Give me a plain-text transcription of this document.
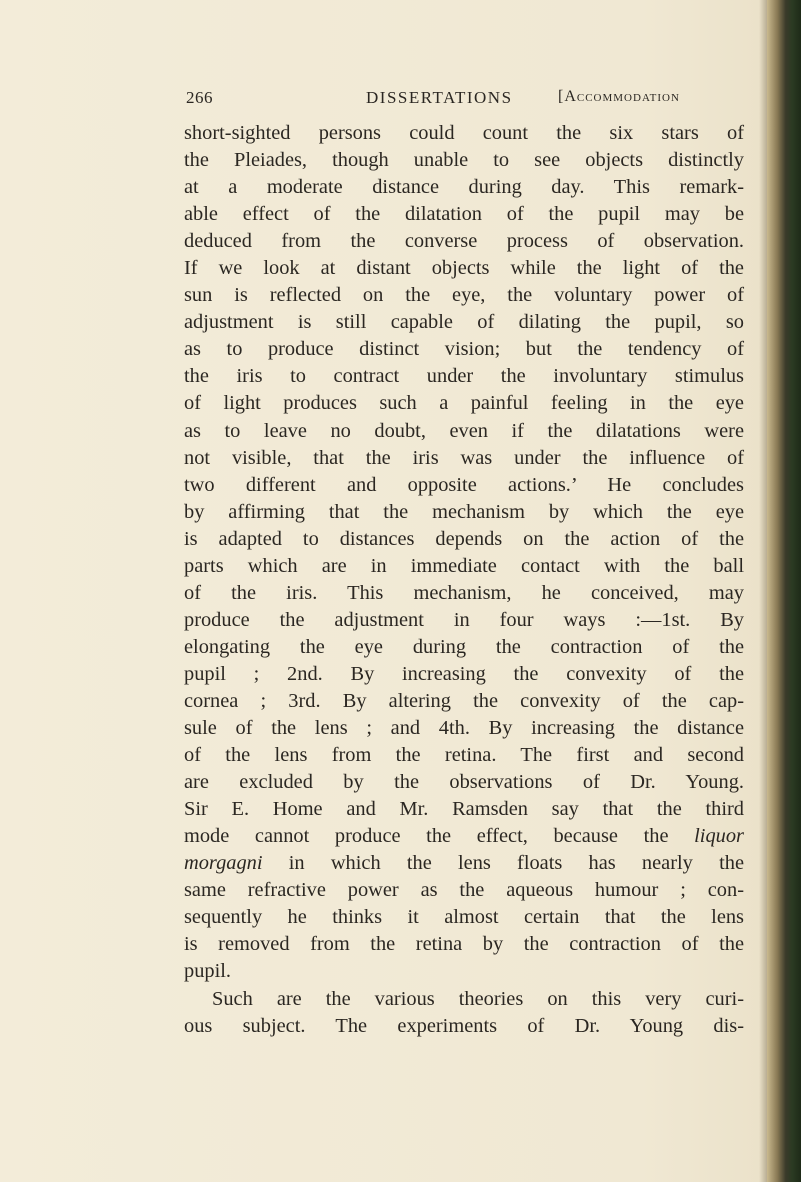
266	DISSERTATIONS	[Accommodation

short-sighted persons could count the six stars of
the Pleiades, though unable to see objects distinctly
at a moderate distance during day. This remark-
able effect of the dilatation of the pupil may be
deduced from the converse process of observation.
If we look at distant objects while the light of the
sun is reflected on the eye, the voluntary power of
adjustment is still capable of dilating the pupil, so
as to produce distinct vision; but the tendency of
the iris to contract under the involuntary stimulus
of light produces such a painful feeling in the eye
as to leave no doubt, even if the dilatations were
not visible, that the iris was under the influence of
two different and opposite actions.’ He concludes
by affirming that the mechanism by which the eye
is adapted to distances depends on the action of the
parts which are in immediate contact with the ball
of the iris. This mechanism, he conceived, may
produce the adjustment in four ways :—1st. By
elongating the eye during the contraction of the
pupil ; 2nd. By increasing the convexity of the
cornea ; 3rd. By altering the convexity of the cap-
sule of the lens ; and 4th. By increasing the distance
of the lens from the retina. The first and second
are excluded by the observations of Dr. Young.
Sir E. Home and Mr. Ramsden say that the third
mode cannot produce the effect, because the liquor
morgagni in which the lens floats has nearly the
same refractive power as the aqueous humour ; con-
sequently he thinks it almost certain that the lens
is removed from the retina by the contraction of the
pupil.

Such are the various theories on this very curi-
ous subject. The experiments of Dr. Young dis-
